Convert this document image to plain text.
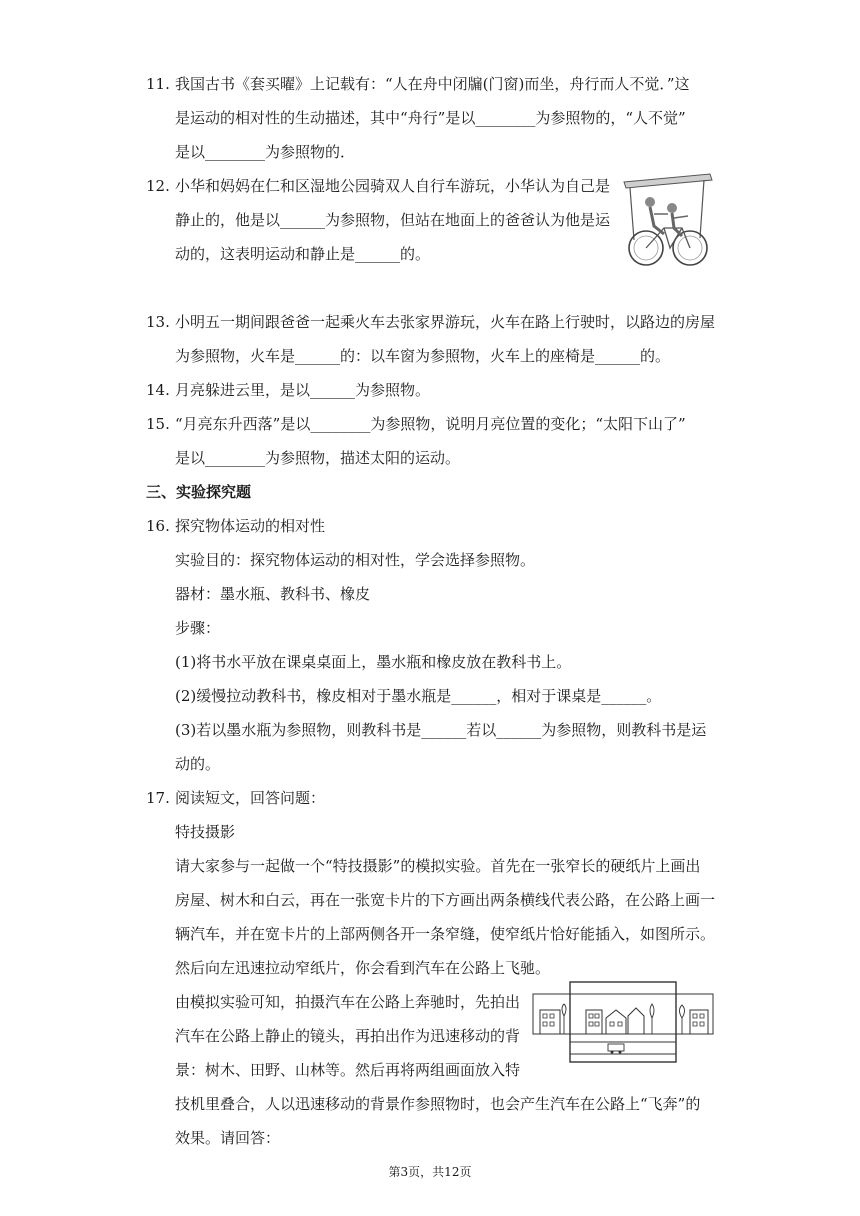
11. 我国古书《套买曜》上记载有：“人在舟中闭牖(门窗)而坐，舟行而人不觉．”这
是运动的相对性的生动描述，其中“舟行”是以________为参照物的，“人不觉”
是以________为参照物的．
12. 小华和妈妈在仁和区湿地公园骑双人自行车游玩，小华认为自己是
静止的，他是以______为参照物，但站在地面上的爸爸认为他是运
动的，这表明运动和静止是______的。
13. 小明五一期间跟爸爸一起乘火车去张家界游玩，火车在路上行驶时，以路边的房屋
为参照物，火车是______的：以车窗为参照物，火车上的座椅是______的。
14. 月亮躲进云里，是以______为参照物。
15. “月亮东升西落”是以________为参照物，说明月亮位置的变化；“太阳下山了”
是以________为参照物，描述太阳的运动。
三、实验探究题
16. 探究物体运动的相对性
实验目的：探究物体运动的相对性，学会选择参照物。
器材：墨水瓶、教科书、橡皮
步骤：
(1)将书水平放在课桌桌面上，墨水瓶和橡皮放在教科书上。
(2)缓慢拉动教科书，橡皮相对于墨水瓶是______，相对于课桌是______。
(3)若以墨水瓶为参照物，则教科书是______若以______为参照物，则教科书是运
动的。
17. 阅读短文，回答问题：
特技摄影
请大家参与一起做一个“特技摄影”的模拟实验。首先在一张窄长的硬纸片上画出
房屋、树木和白云，再在一张宽卡片的下方画出两条横线代表公路，在公路上画一
辆汽车，并在宽卡片的上部两侧各开一条窄缝，使窄纸片恰好能插入，如图所示。
然后向左迅速拉动窄纸片，你会看到汽车在公路上飞驰。
由模拟实验可知，拍摄汽车在公路上奔驰时，先拍出
汽车在公路上静止的镜头，再拍出作为迅速移动的背
景：树木、田野、山林等。然后再将两组画面放入特
技机里叠合，人以迅速移动的背景作参照物时，也会产生汽车在公路上“飞奔”的
效果。请回答：
第3页，共12页
